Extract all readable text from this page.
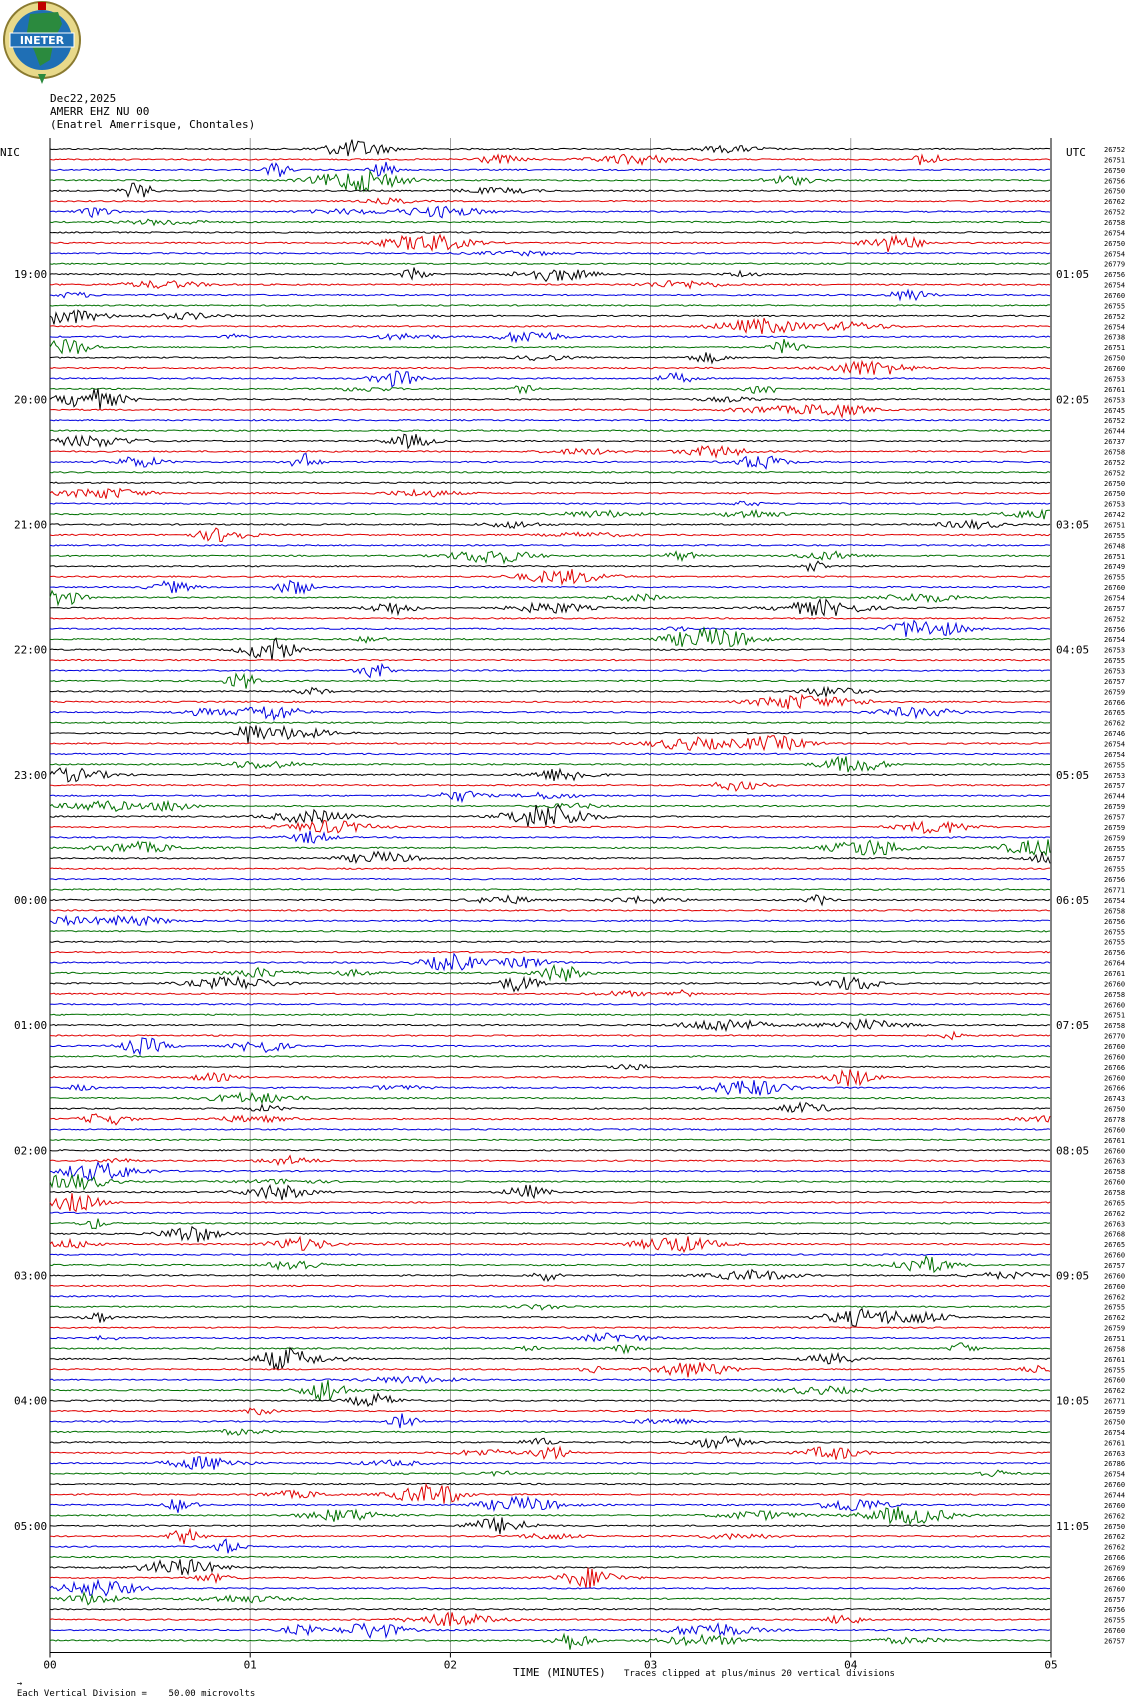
INETER
Dec22,2025
AMERR EHZ NU 00
(Enatrel Amerrisque, Chontales)
00	01	02	03	04	05
NIC	UTC	26752
26751
26750
26756
26750
26762
26752
26758
26754
26750
26754
26779
26756
26754
26760
26755
26752
26754
26738
26751
26750
26760
26753
26761
26753
26745
26752
26744
26737
26758
26752
26752
26750
26750
26753
26742
26751
26755
26748
26751
26749
26755
26760
26754
26757
26752
26756
26754
26753
26755
26753
26757
26759
26766
26765
26762
26746
26754
26754
26755
26753
26757
26744
26759
26757
26759
26759
26755
26757
26755
26756
26771
26754
26758
26756
26755
26755
26756
26764
26761
26760
26758
26760
26751
26758
26770
26760
26760
26766
26760
26766
26743
26750
26778
26760
26761
26760
26763
26758
26760
26758
26765
26762
26763
26768
26765
26760
26757
26760
26760
26762
26755
26762
26759
26751
26758
26761
26755
26760
26762
26771
26759
26750
26754
26761
26763
26786
26754
26760
26744
26760
26762
26750
26762
26762
26766
26769
26766
26760
26757
26756
26755
26760
26757
19:00
20:00
21:00
22:00
23:00
00:00
01:00
02:00
03:00
04:00
05:00
01:05
02:05
03:05
04:05
05:05
06:05
07:05
08:05
09:05
10:05
11:05

→
Each Vertical Division =    50.00 microvolts

TIME (MINUTES) Traces clipped at plus/minus 20 vertical divisions
